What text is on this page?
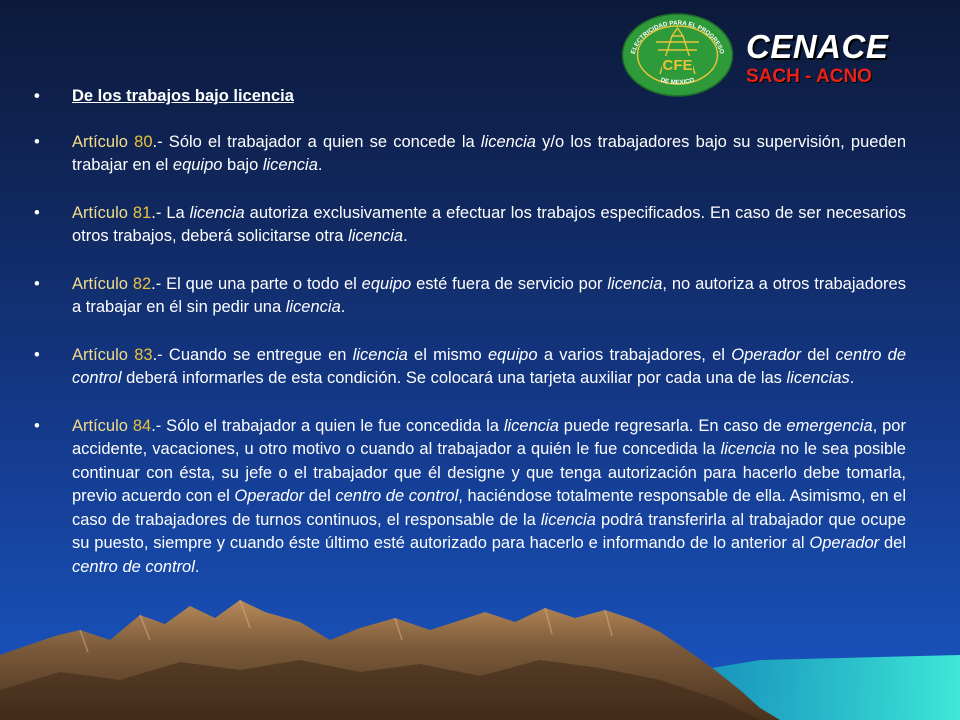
ELECTRICIDAD PARA EL PROGRESO
DE MEXICO
CFE
CENACE
SACH - ACNO
• De los trabajos bajo licencia
• Artículo 80.- Sólo el trabajador a quien se concede la licencia y/o los trabajadores bajo su supervisión, pueden trabajar en el equipo bajo licencia.
• Artículo 81.- La licencia autoriza exclusivamente a efectuar los trabajos especificados. En caso de ser necesarios otros trabajos, deberá solicitarse otra licencia.
• Artículo 82.- El que una parte o todo el equipo esté fuera de servicio por licencia, no autoriza a otros trabajadores a trabajar en él sin pedir una licencia.
• Artículo 83.- Cuando se entregue en licencia el mismo equipo a varios trabajadores, el Operador del centro de control deberá informarles de esta condición. Se colocará una tarjeta auxiliar por cada una de las licencias.
• Artículo 84.- Sólo el trabajador a quien le fue concedida la licencia puede regresarla. En caso de emergencia, por accidente, vacaciones, u otro motivo o cuando al trabajador a quién le fue concedida la licencia no le sea posible continuar con ésta, su jefe o el trabajador que él designe y que tenga autorización para hacerlo debe tomarla, previo acuerdo con el Operador del centro de control, haciéndose totalmente responsable de ella. Asimismo, en el caso de trabajadores de turnos continuos, el responsable de la licencia podrá transferirla al trabajador que ocupe su puesto, siempre y cuando éste último esté autorizado para hacerlo e informando de lo anterior al Operador del centro de control.
